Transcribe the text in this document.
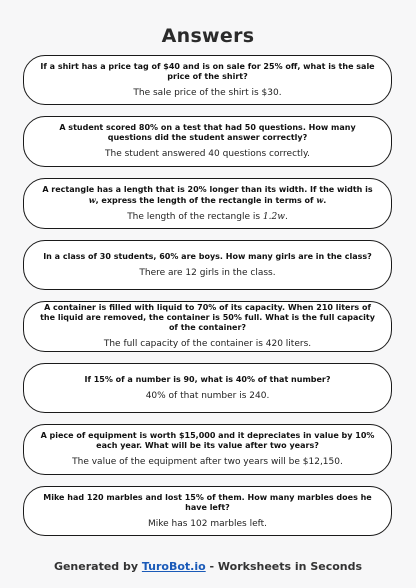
Answers
If a shirt has a price tag of $40 and is on sale for 25% off, what is the sale price of the shirt?
The sale price of the shirt is $30.
A student scored 80% on a test that had 50 questions. How many questions did the student answer correctly?
The student answered 40 questions correctly.
A rectangle has a length that is 20% longer than its width. If the width is w, express the length of the rectangle in terms of w.
The length of the rectangle is 1.2w.
In a class of 30 students, 60% are boys. How many girls are in the class?
There are 12 girls in the class.
A container is filled with liquid to 70% of its capacity. When 210 liters of the liquid are removed, the container is 50% full. What is the full capacity of the container?
The full capacity of the container is 420 liters.
If 15% of a number is 90, what is 40% of that number?
40% of that number is 240.
A piece of equipment is worth $15,000 and it depreciates in value by 10% each year. What will be its value after two years?
The value of the equipment after two years will be $12,150.
Mike had 120 marbles and lost 15% of them. How many marbles does he have left?
Mike has 102 marbles left.
Generated by TuroBot.io - Worksheets in Seconds
